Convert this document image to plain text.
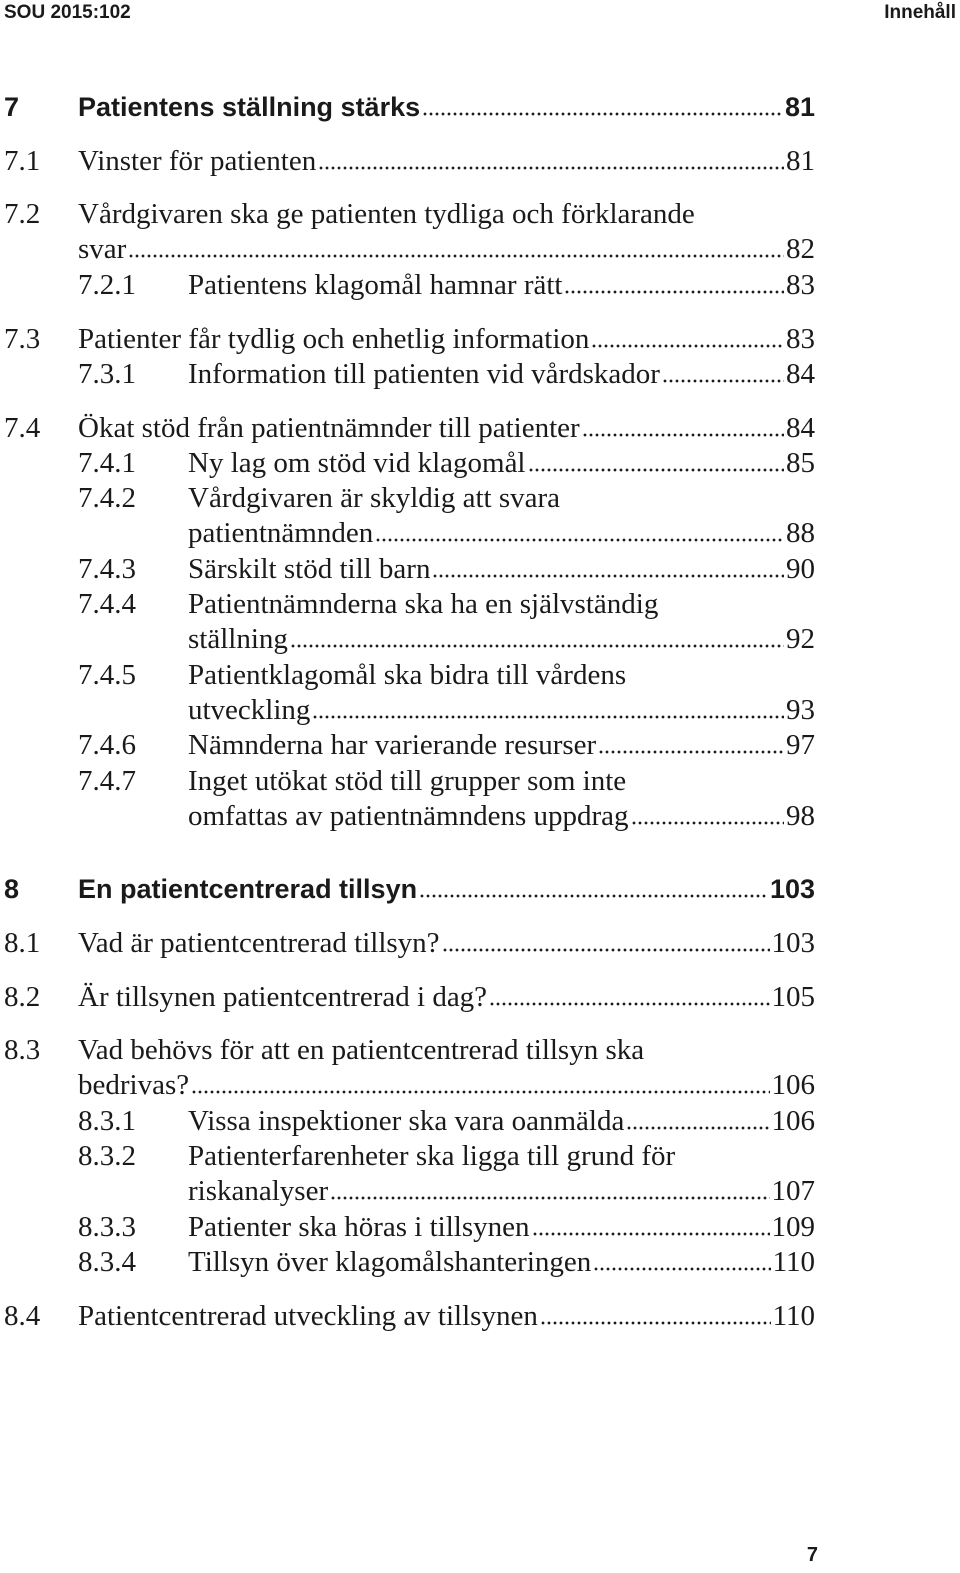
SOU 2015:102	Innehåll
7 Patientens ställning stärks	81
7.1 Vinster för patienten	81
7.2 Vårdgivaren ska ge patienten tydliga och förklarande
svar	82
7.2.1 Patientens klagomål hamnar rätt	83
7.3 Patienter får tydlig och enhetlig information	83
7.3.1 Information till patienten vid vårdskador	84
7.4 Ökat stöd från patientnämnder till patienter	84
7.4.1 Ny lag om stöd vid klagomål	85
7.4.2 Vårdgivaren är skyldig att svara
patientnämnden	88
7.4.3 Särskilt stöd till barn	90
7.4.4 Patientnämnderna ska ha en självständig
ställning	92
7.4.5 Patientklagomål ska bidra till vårdens
utveckling	93
7.4.6 Nämnderna har varierande resurser	97
7.4.7 Inget utökat stöd till grupper som inte
omfattas av patientnämndens uppdrag	98
8 En patientcentrerad tillsyn	103
8.1 Vad är patientcentrerad tillsyn?	103
8.2 Är tillsynen patientcentrerad i dag?	105
8.3 Vad behövs för att en patientcentrerad tillsyn ska
bedrivas?	106
8.3.1 Vissa inspektioner ska vara oanmälda	106
8.3.2 Patienterfarenheter ska ligga till grund för
riskanalyser	107
8.3.3 Patienter ska höras i tillsynen	109
8.3.4 Tillsyn över klagomålshanteringen	110
8.4 Patientcentrerad utveckling av tillsynen	110
7
